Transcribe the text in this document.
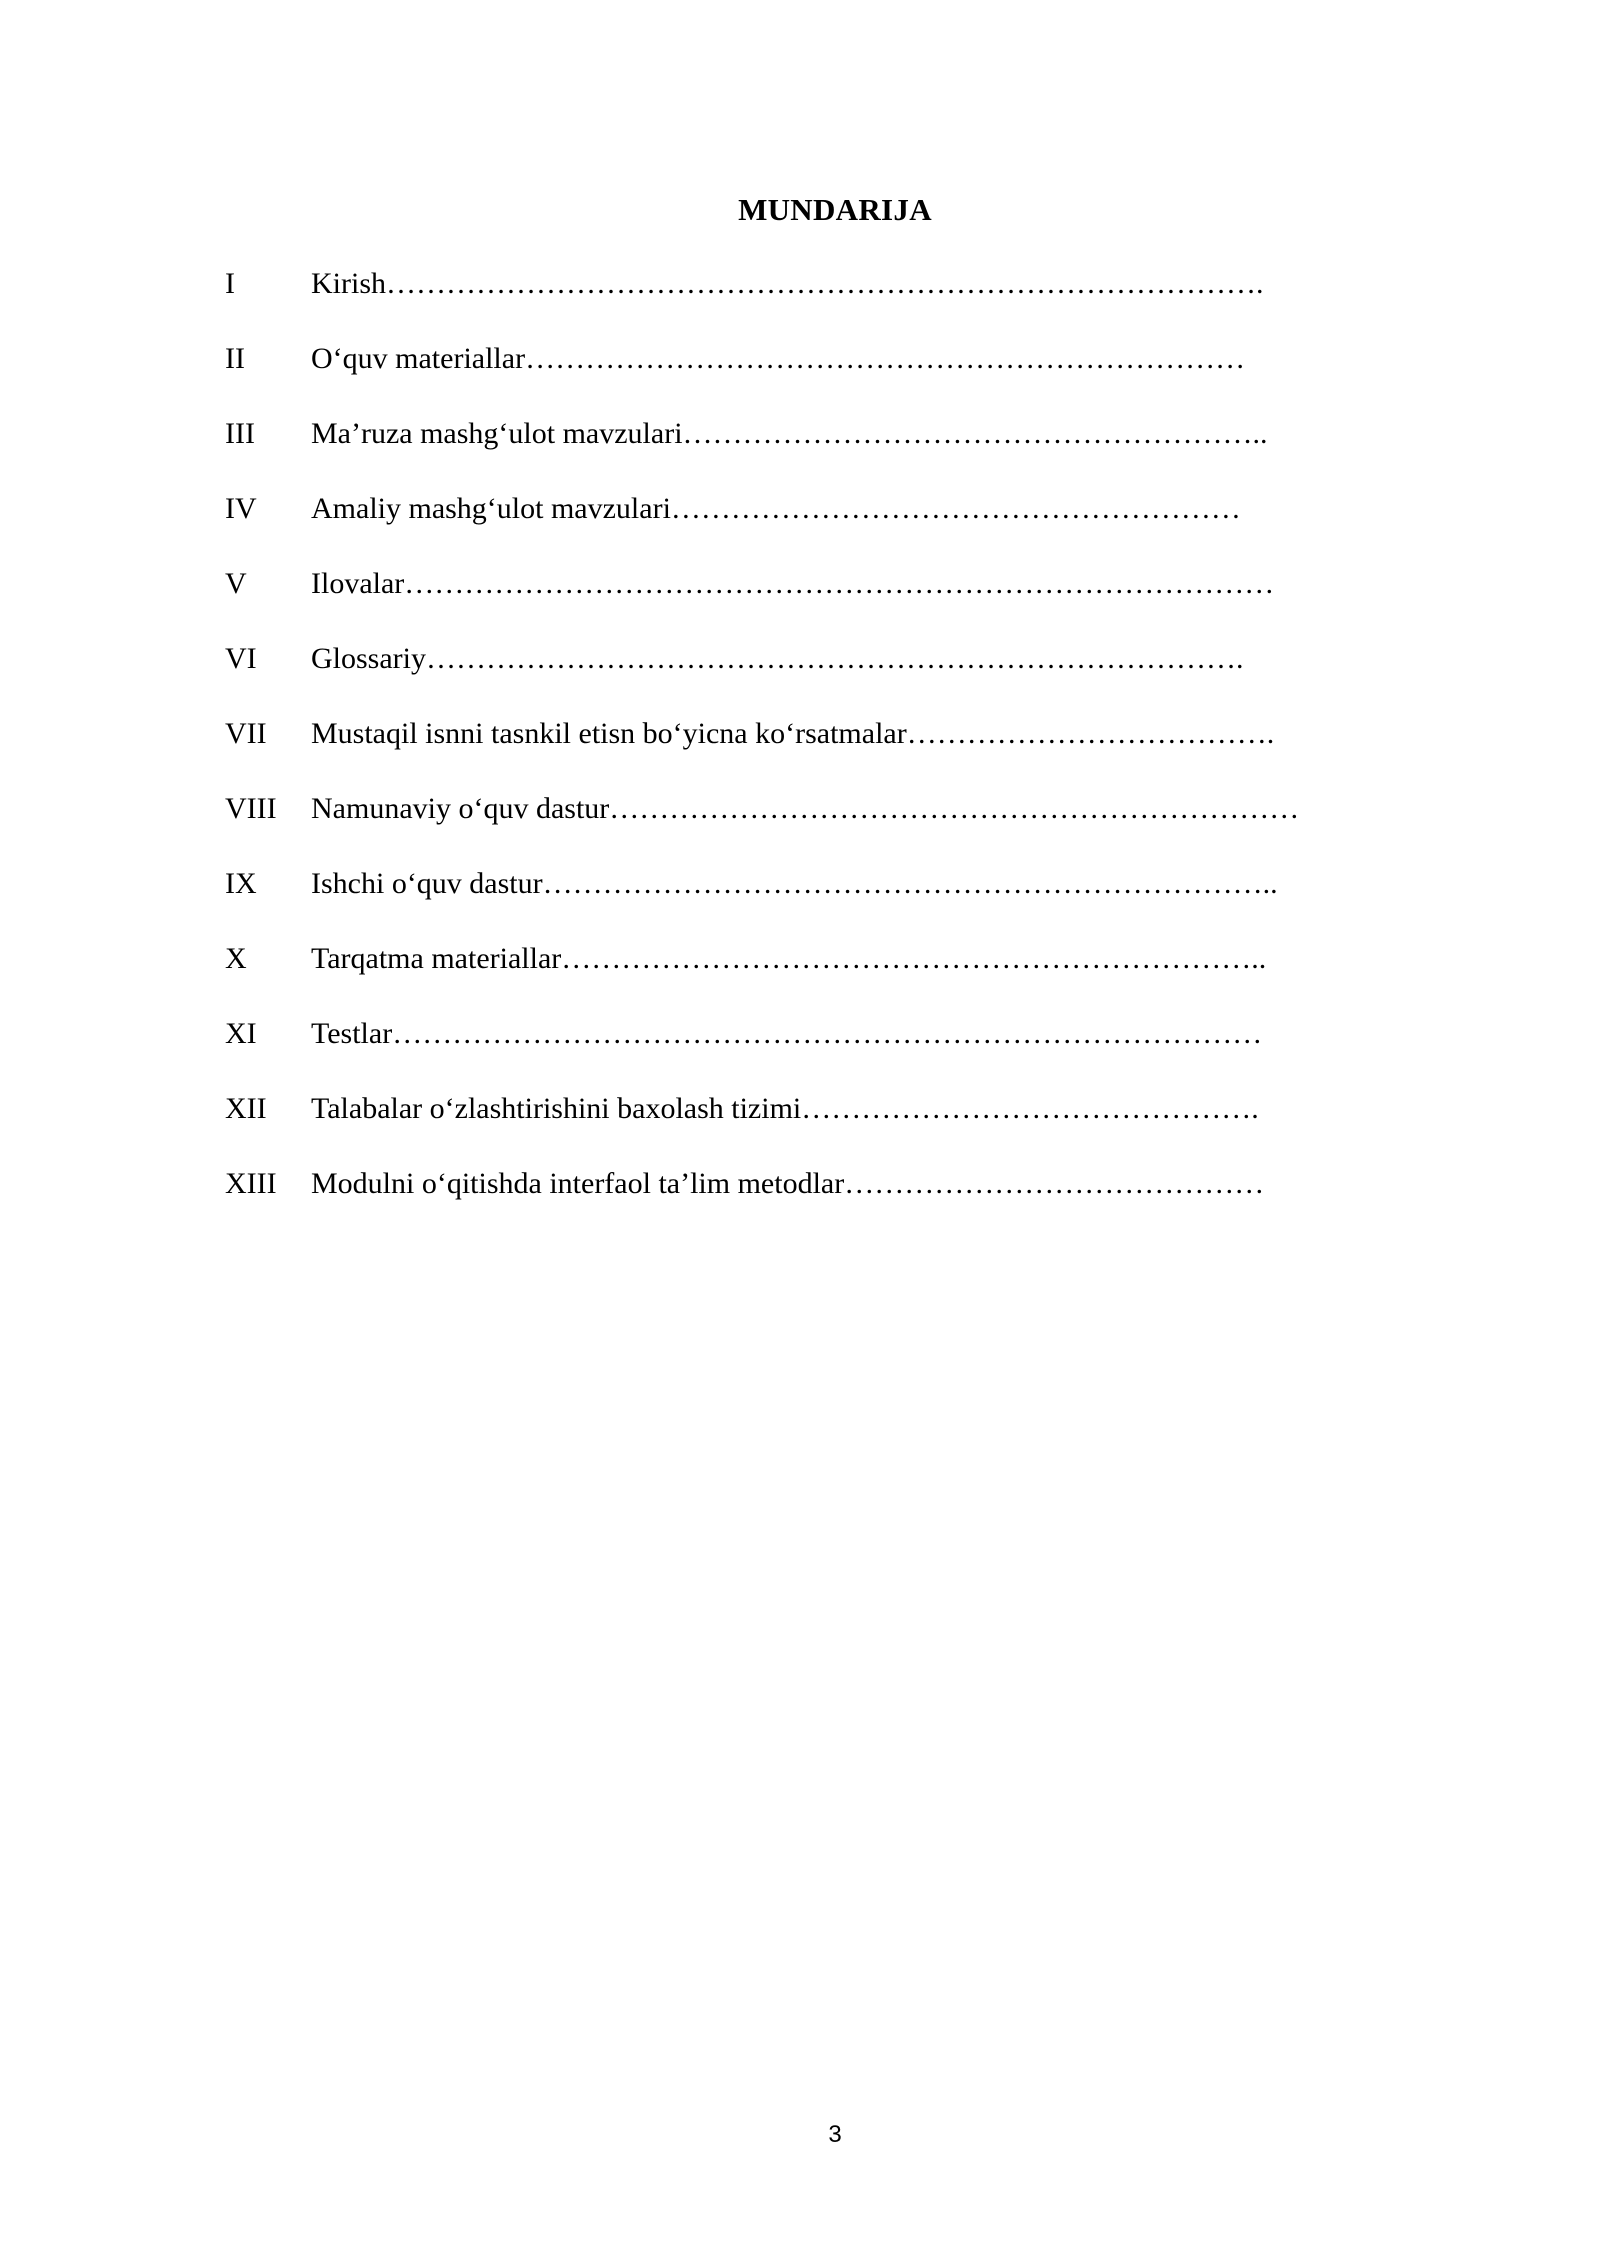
MUNDARIJA
I	Kirish …………………………………………………………………………….
II	O‘quv materiallar ………………………………………………………………
III	Ma’ruza mashg‘ulot mavzulari …………………………………………………..
IV	Amaliy mashg‘ulot mavzulari …………………………………………………
V	Ilovalar ……………………………………………………………………………
VI	Glossariy ……………………………………………………………………….
VII	Mustaqil isnni tasnkil etisn bo‘yicna ko‘rsatmalar ……………………………….
VIII	Namunaviy o‘quv dastur ……………………………………………………………
IX	Ishchi o‘quv dastur ………………………………………………………………..
X	Tarqatma materiallar ……………………………………………………………..
XI	Testlar ……………………………………………………………………………
XII	Talabalar o‘zlashtirishini baxolash tizimi ……………………………………….
XIII	Modulni o‘qitishda interfaol ta’lim metodlar ……………………………………
3
